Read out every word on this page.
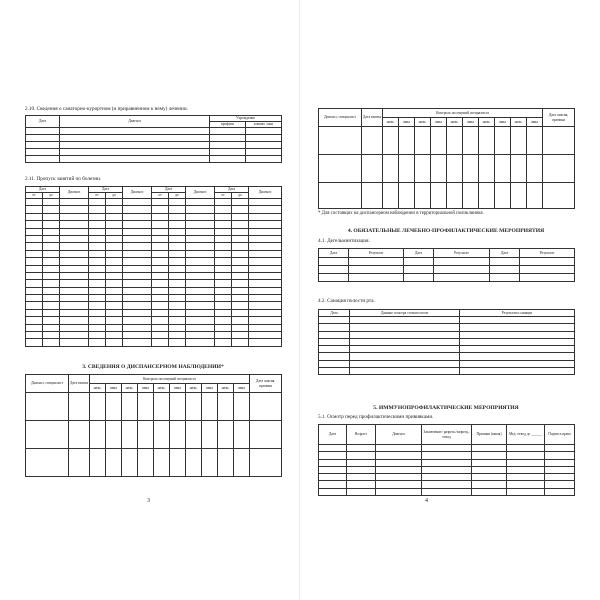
2.10. Сведения о санаторно-курортном (и приравненном к нему) лечении.
Дата	Диагноз	Учреждение	
		профиль	климат. зона

2.11. Пропуск занятий по болезни.
Дата		Диагноз	Дата		Диагноз	Дата		Диагноз	Дата		Диагноз
от	до		от	до		от	до		от	до	

3. СВЕДЕНИЯ О ДИСПАНСЕРНОМ НАБЛЮДЕНИИ*
Диагноз, специалист	Дата взятия	Контроль посещений специалиста										Дата снятия, причина													
		назн.	явка	назн.	явка	назн.	явка	назн.	явка	назн.	явка													

3
Диагноз, специалист	Дата взятия	Контроль посещений специалиста										Дата снятия, причина													
		назн.	явка	назн.	явка	назн.	явка	назн.	явка	назн.	явка													

* Для состоящих на диспансерном наблюдении в территориальной поликлинике.
4. ОБЯЗАТЕЛЬНЫЕ ЛЕЧЕБНО-ПРОФИЛАКТИЧЕСКИЕ МЕРОПРИЯТИЯ
4.1. Дегельминтизация.
Дата	Результат	Дата	Результат	Дата	Результат

4.2. Санация полости рта.
Дата	Данные осмотра стоматологом	Результаты санации

5. ИММУНОПРОФИЛАКТИЧЕСКИЕ МЕРОПРИЯТИЯ
5.1. Осмотр перед профилактическими прививками.
Дата	Возраст	Диагноз	Заключение: разреш./запрещ., отвод	Причина (какая)	Мед. отвод до ______	Подпись врача

4
